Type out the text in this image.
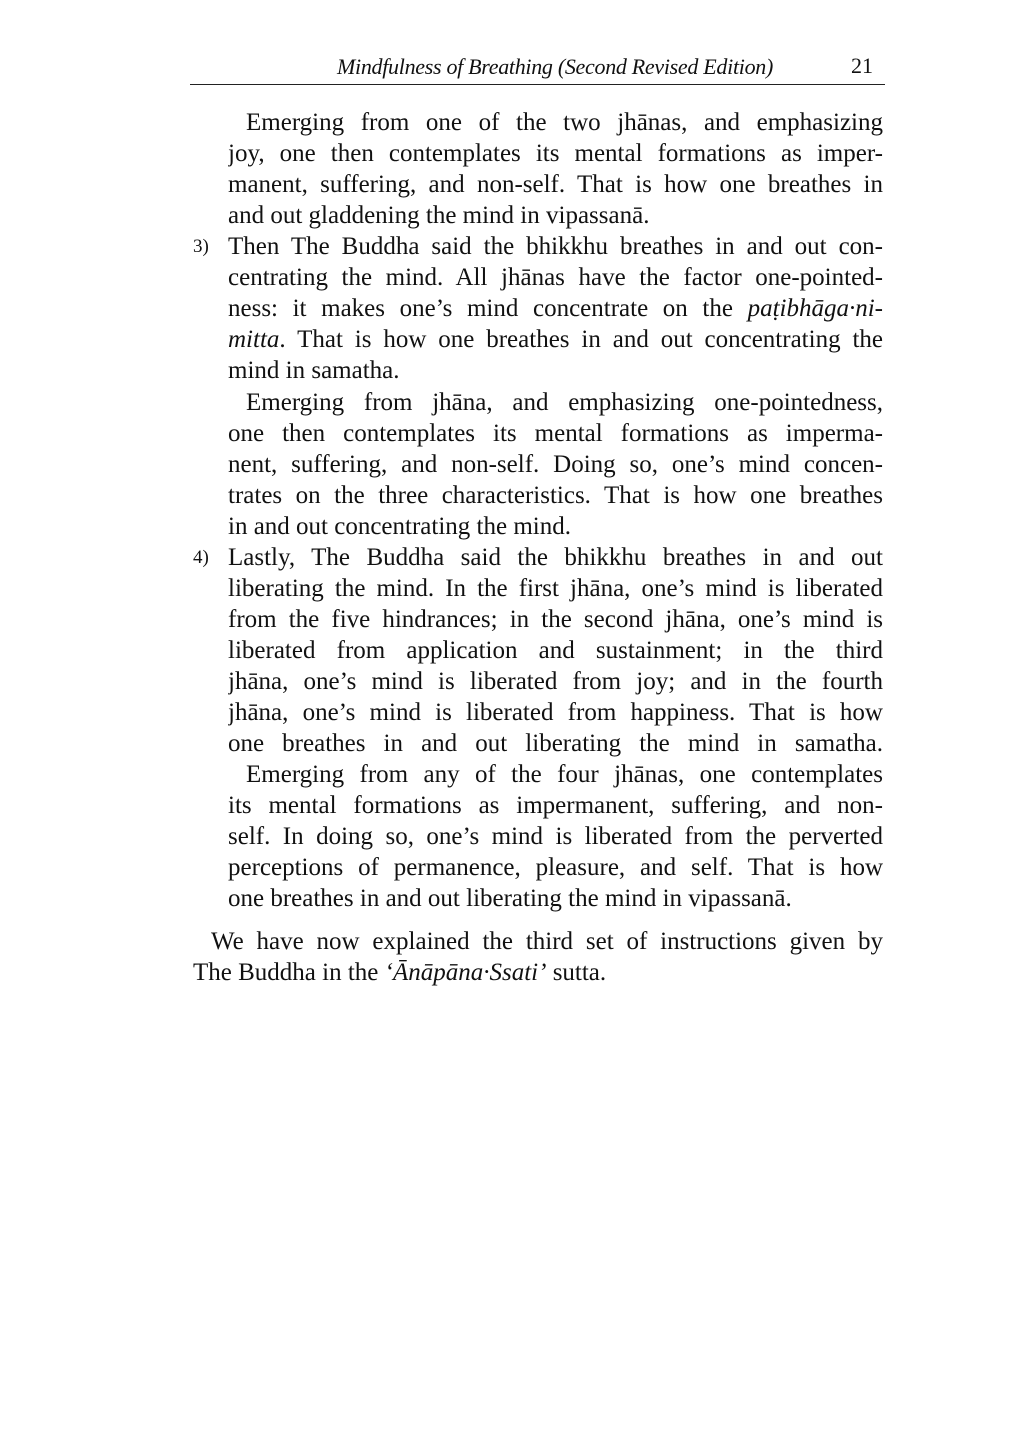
Mindfulness of Breathing (Second Revised Edition)	21
Emerging from one of the two jhānas, and emphasizing
joy, one then contemplates its mental formations as imper-
manent, suffering, and non-self. That is how one breathes in
and out gladdening the mind in vipassanā.
3) Then The Buddha said the bhikkhu breathes in and out con-
centrating the mind. All jhānas have the factor one-pointed-
ness: it makes one’s mind concentrate on the paṭibhāga·ni-
mitta. That is how one breathes in and out concentrating the
mind in samatha.
Emerging from jhāna, and emphasizing one-pointedness,
one then contemplates its mental formations as imperma-
nent, suffering, and non-self. Doing so, one’s mind concen-
trates on the three characteristics. That is how one breathes
in and out concentrating the mind.
4) Lastly, The Buddha said the bhikkhu breathes in and out
liberating the mind. In the first jhāna, one’s mind is liberated
from the five hindrances; in the second jhāna, one’s mind is
liberated from application and sustainment; in the third
jhāna, one’s mind is liberated from joy; and in the fourth
jhāna, one’s mind is liberated from happiness. That is how
one breathes in and out liberating the mind in samatha.
Emerging from any of the four jhānas, one contemplates
its mental formations as impermanent, suffering, and non-
self. In doing so, one’s mind is liberated from the perverted
perceptions of permanence, pleasure, and self. That is how
one breathes in and out liberating the mind in vipassanā.
We have now explained the third set of instructions given by
The Buddha in the ‘Ānāpāna·Ssati’ sutta.
